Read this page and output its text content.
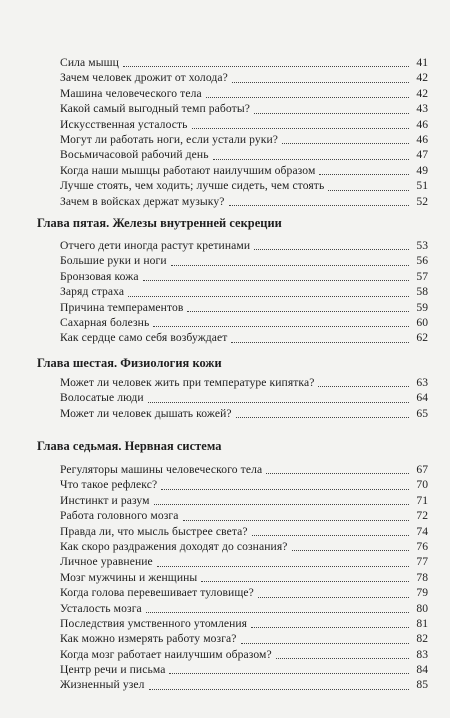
Сила мышц	41
Зачем человек дрожит от холода?	42
Машина человеческого тела	42
Какой самый выгодный темп работы?	43
Искусственная усталость	46
Могут ли работать ноги, если устали руки?	46
Восьмичасовой рабочий день	47
Когда наши мышцы работают наилучшим образом	49
Лучше стоять, чем ходить; лучше сидеть, чем стоять	51
Зачем в войсках держат музыку?	52
Глава пятая. Железы внутренней секреции
Отчего дети иногда растут кретинами	53
Большие руки и ноги	56
Бронзовая кожа	57
Заряд страха	58
Причина темпераментов	59
Сахарная болезнь	60
Как сердце само себя возбуждает	62
Глава шестая. Физиология кожи
Может ли человек жить при температуре кипятка?	63
Волосатые люди	64
Может ли человек дышать кожей?	65
Глава седьмая. Нервная система
Регуляторы машины человеческого тела	67
Что такое рефлекс?	70
Инстинкт и разум	71
Работа головного мозга	72
Правда ли, что мысль быстрее света?	74
Как скоро раздражения доходят до сознания?	76
Личное уравнение	77
Мозг мужчины и женщины	78
Когда голова перевешивает туловище?	79
Усталость мозга	80
Последствия умственного утомления	81
Как можно измерять работу мозга?	82
Когда мозг работает наилучшим образом?	83
Центр речи и письма	84
Жизненный узел	85
